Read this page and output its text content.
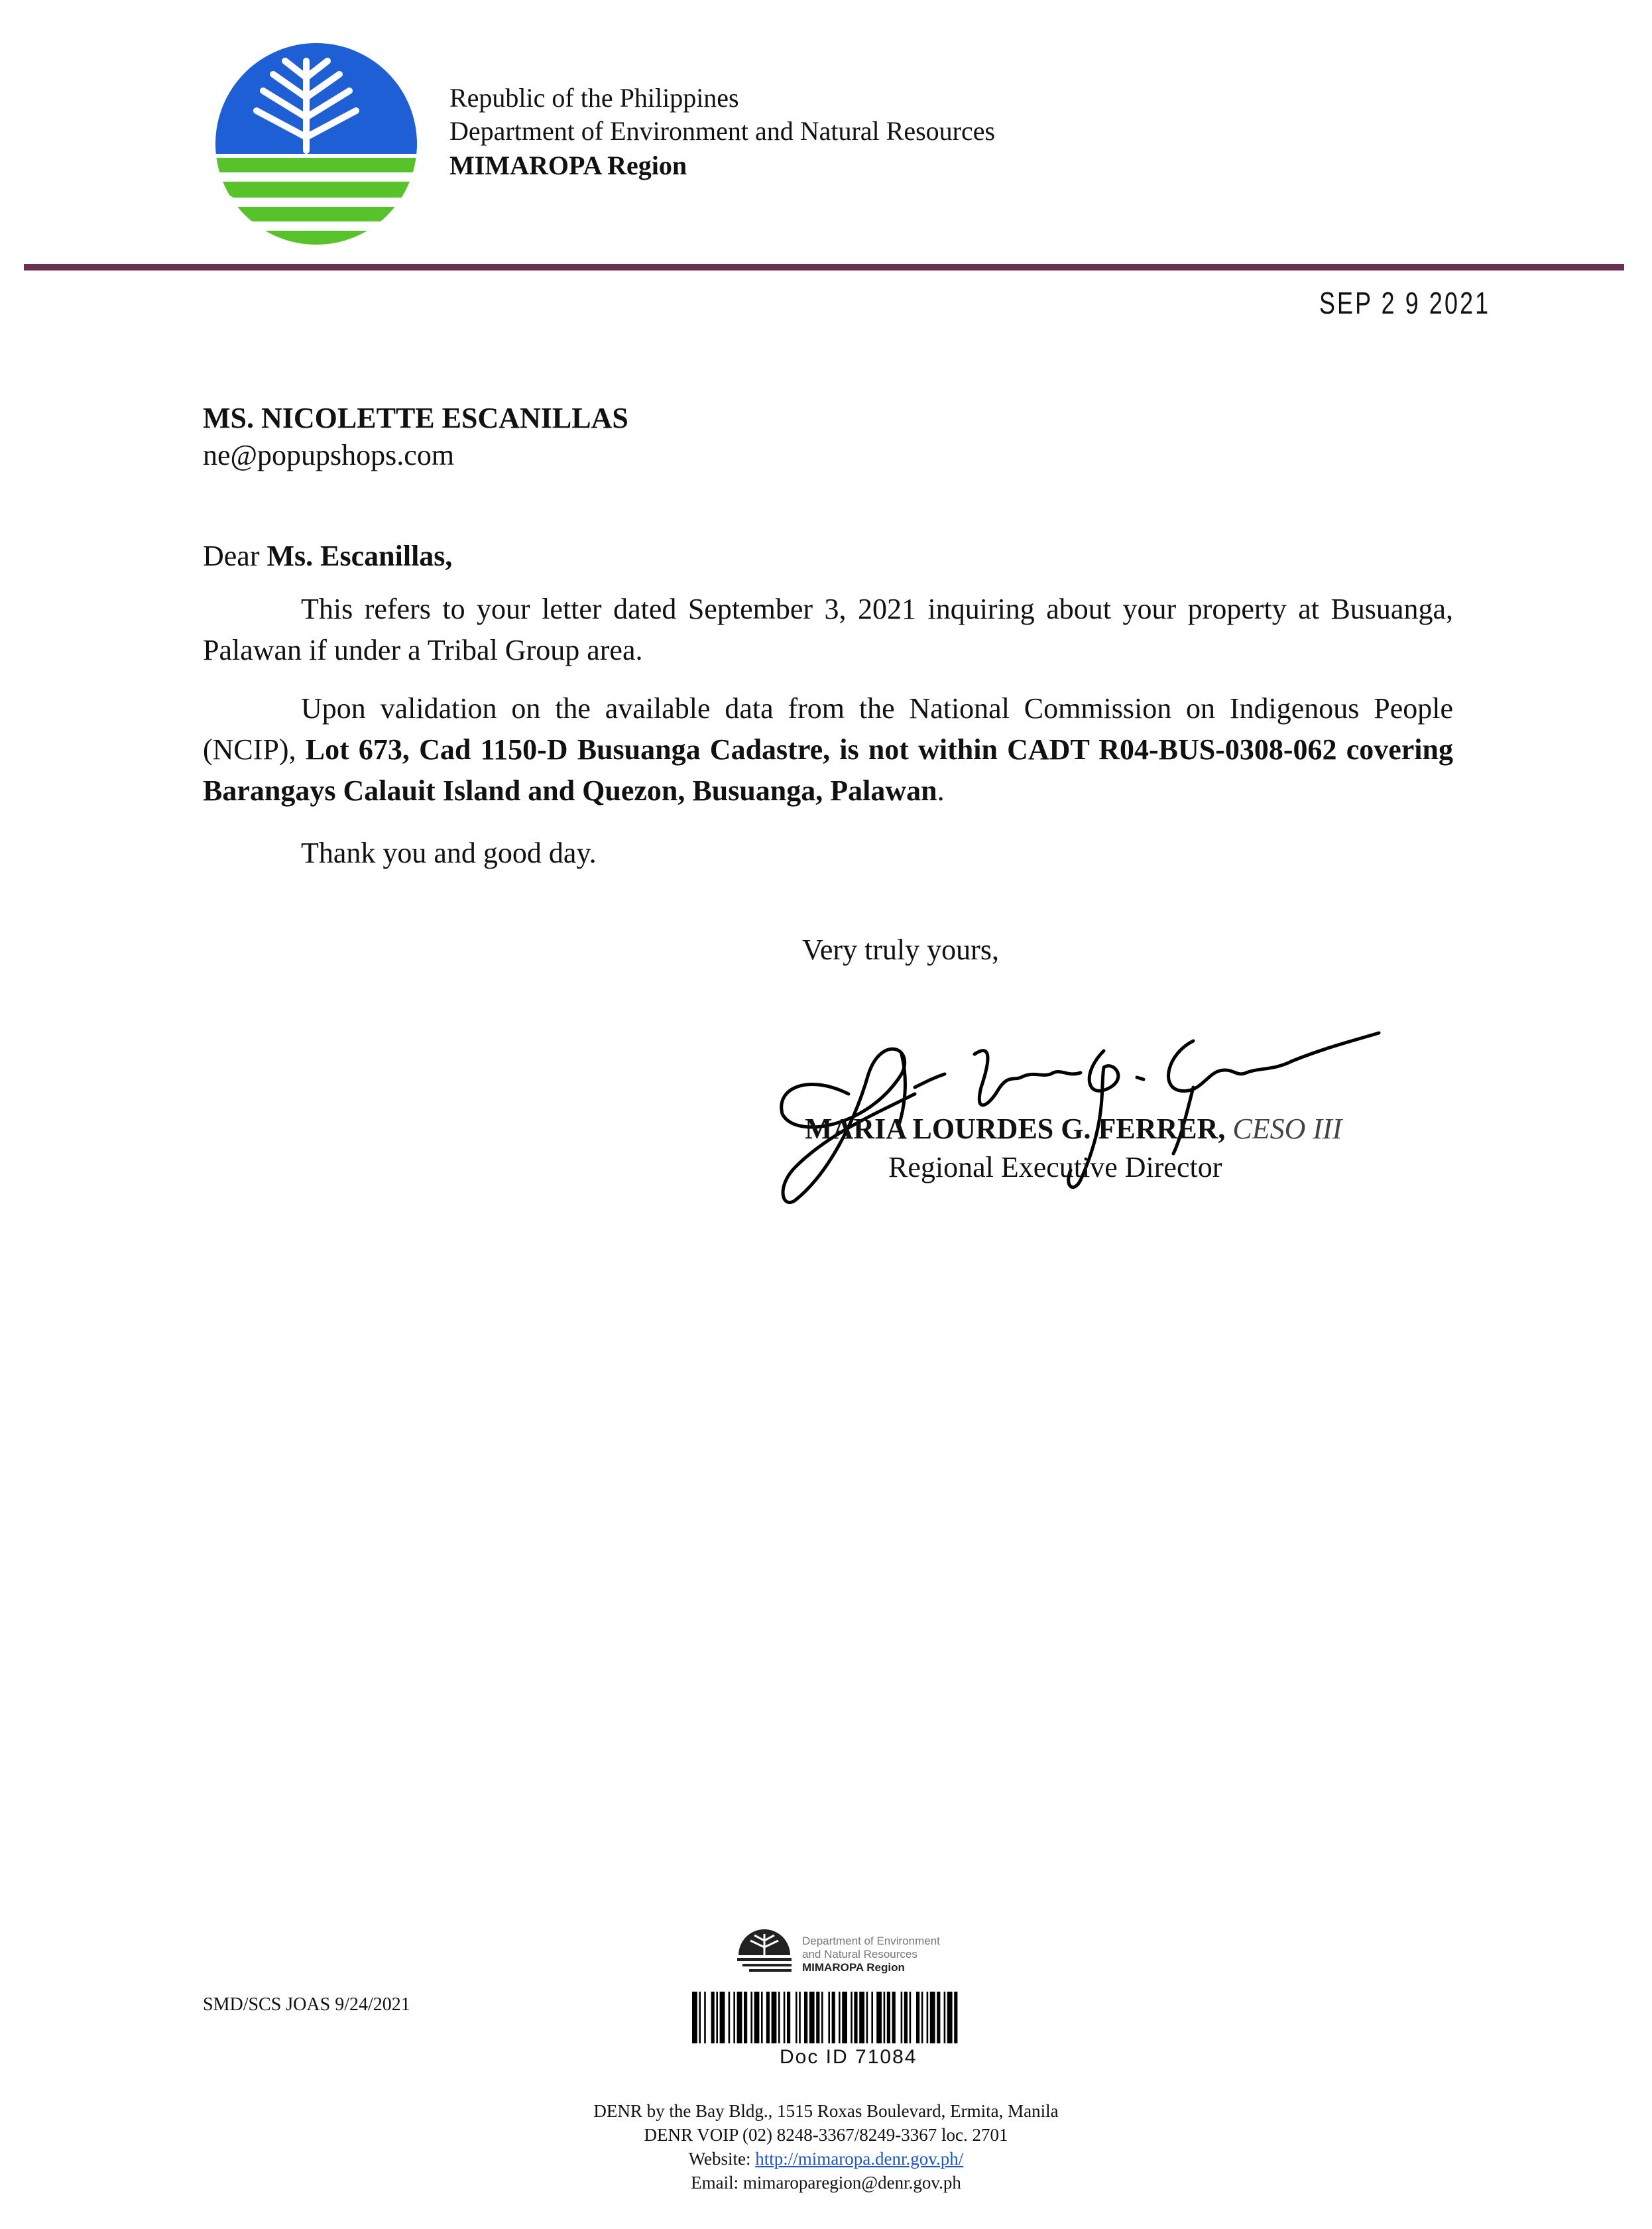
Republic of the Philippines
Department of Environment and Natural Resources
MIMAROPA Region
SEP 2 9 2021
MS. NICOLETTE ESCANILLAS
ne@popupshops.com
Dear Ms. Escanillas,
This refers to your letter dated September 3, 2021 inquiring about your property at Busuanga, Palawan if under a Tribal Group area.
Upon validation on the available data from the National Commission on Indigenous People (NCIP), Lot 673, Cad 1150-D Busuanga Cadastre, is not within CADT R04-BUS-0308-062 covering Barangays Calauit Island and Quezon, Busuanga, Palawan.
Thank you and good day.
Very truly yours,
MARIA LOURDES G. FERRER, CESO III
Regional Executive Director
SMD/SCS JOAS 9/24/2021
Department of Environment
and Natural Resources
MIMAROPA Region
Doc ID 71084
DENR by the Bay Bldg., 1515 Roxas Boulevard, Ermita, Manila
DENR VOIP (02) 8248-3367/8249-3367 loc. 2701
Website: http://mimaropa.denr.gov.ph/
Email: mimaroparegion@denr.gov.ph
